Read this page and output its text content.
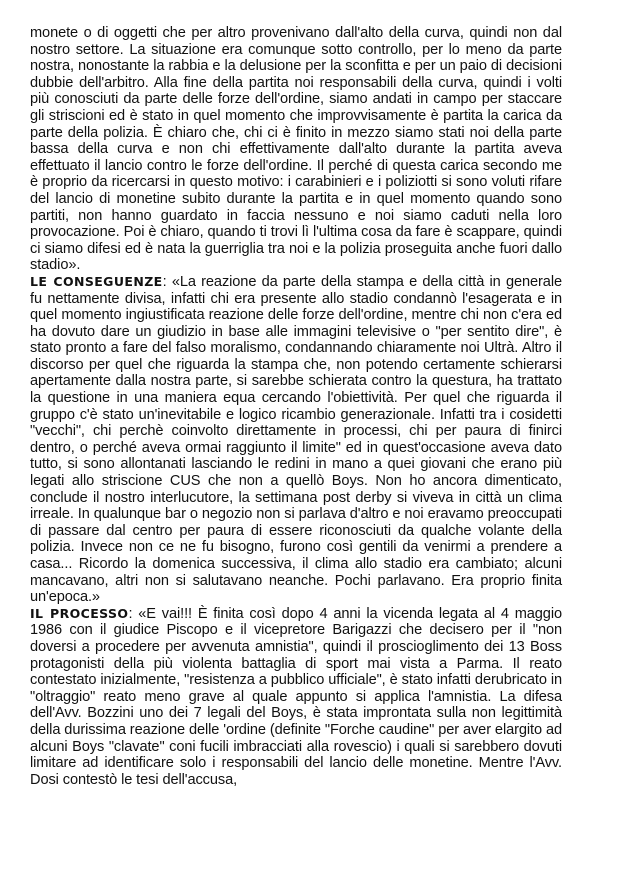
monete o di oggetti che per altro provenivano dall'alto della curva, quindi non dal nostro settore. La situazione era comunque sotto controllo, per lo meno da parte nostra, nonostante la rabbia e la delusione per la sconfitta e per un paio di decisioni dubbie dell'arbitro. Alla fine della partita noi responsabili della curva, quindi i volti più conosciuti da parte delle forze dell'ordine, siamo andati in campo per staccare gli striscioni ed è stato in quel momento che improvvisamente è partita la carica da parte della polizia. È chiaro che, chi ci è finito in mezzo siamo stati noi della parte bassa della curva e non chi effettivamente dall'alto durante la partita aveva effettuato il lancio contro le forze dell'ordine. Il perché di questa carica secondo me è proprio da ricercarsi in questo motivo: i carabinieri e i poliziotti si sono voluti rifare del lancio di monetine subito durante la partita e in quel momento quando sono partiti, non hanno guardato in faccia nessuno e noi siamo caduti nella loro provocazione. Poi è chiaro, quando ti trovi lì l'ultima cosa da fare è scappare, quindi ci siamo difesi ed è nata la guerriglia tra noi e la polizia proseguita anche fuori dallo stadio».

LE CONSEGUENZE: «La reazione da parte della stampa e della città in generale fu nettamente divisa, infatti chi era presente allo stadio condannò l'esagerata e in quel momento ingiustificata reazione delle forze dell'ordine, mentre chi non c'era ed ha dovuto dare un giudizio in base alle immagini televisive o "per sentito dire", è stato pronto a fare del falso moralismo, condannando chiaramente noi Ultrà. Altro il discorso per quel che riguarda la stampa che, non potendo certamente schierarsi apertamente dalla nostra parte, si sarebbe schierata contro la questura, ha trattato la questione in una maniera equa cercando l'obiettività. Per quel che riguarda il gruppo c'è stato un'inevitabile e logico ricambio generazionale. Infatti tra i cosidetti "vecchi", chi perchè coinvolto direttamente in processi, chi per paura di finirci dentro, o perché aveva ormai raggiunto il limite" ed in quest'occasione aveva dato tutto, si sono allontanati lasciando le redini in mano a quei giovani che erano più legati allo striscione CUS che non a quellò Boys. Non ho ancora dimenticato, conclude il nostro interlucutore, la settimana post derby si viveva in città un clima irreale. In qualunque bar o negozio non si parlava d'altro e noi eravamo preoccupati di passare dal centro per paura di essere riconosciuti da qualche volante della polizia. Invece non ce ne fu bisogno, furono così gentili da venirmi a prendere a casa... Ricordo la domenica successiva, il clima allo stadio era cambiato; alcuni mancavano, altri non si salutavano neanche. Pochi parlavano. Era proprio finita un'epoca.»

IL PROCESSO: «E vai!!! È finita così dopo 4 anni la vicenda legata al 4 maggio 1986 con il giudice Piscopo e il vicepretore Barigazzi che decisero per il "non doversi a procedere per avvenuta amnistia", quindi il proscioglimento dei 13 Boss protagonisti della più violenta battaglia di sport mai vista a Parma. Il reato contestato inizialmente, "resistenza a pubblico ufficiale", è stato infatti derubricato in "oltraggio" reato meno grave al quale appunto si applica l'amnistia. La difesa dell'Avv. Bozzini uno dei 7 legali del Boys, è stata improntata sulla non legittimità della durissima reazione delle 'ordine (definite "Forche caudine" per aver elargito ad alcuni Boys "clavate" coni fucili imbracciati alla rovescio) i quali si sarebbero dovuti limitare ad identificare solo i responsabili del lancio delle monetine. Mentre l'Avv. Dosi contestò le tesi dell'accusa,
